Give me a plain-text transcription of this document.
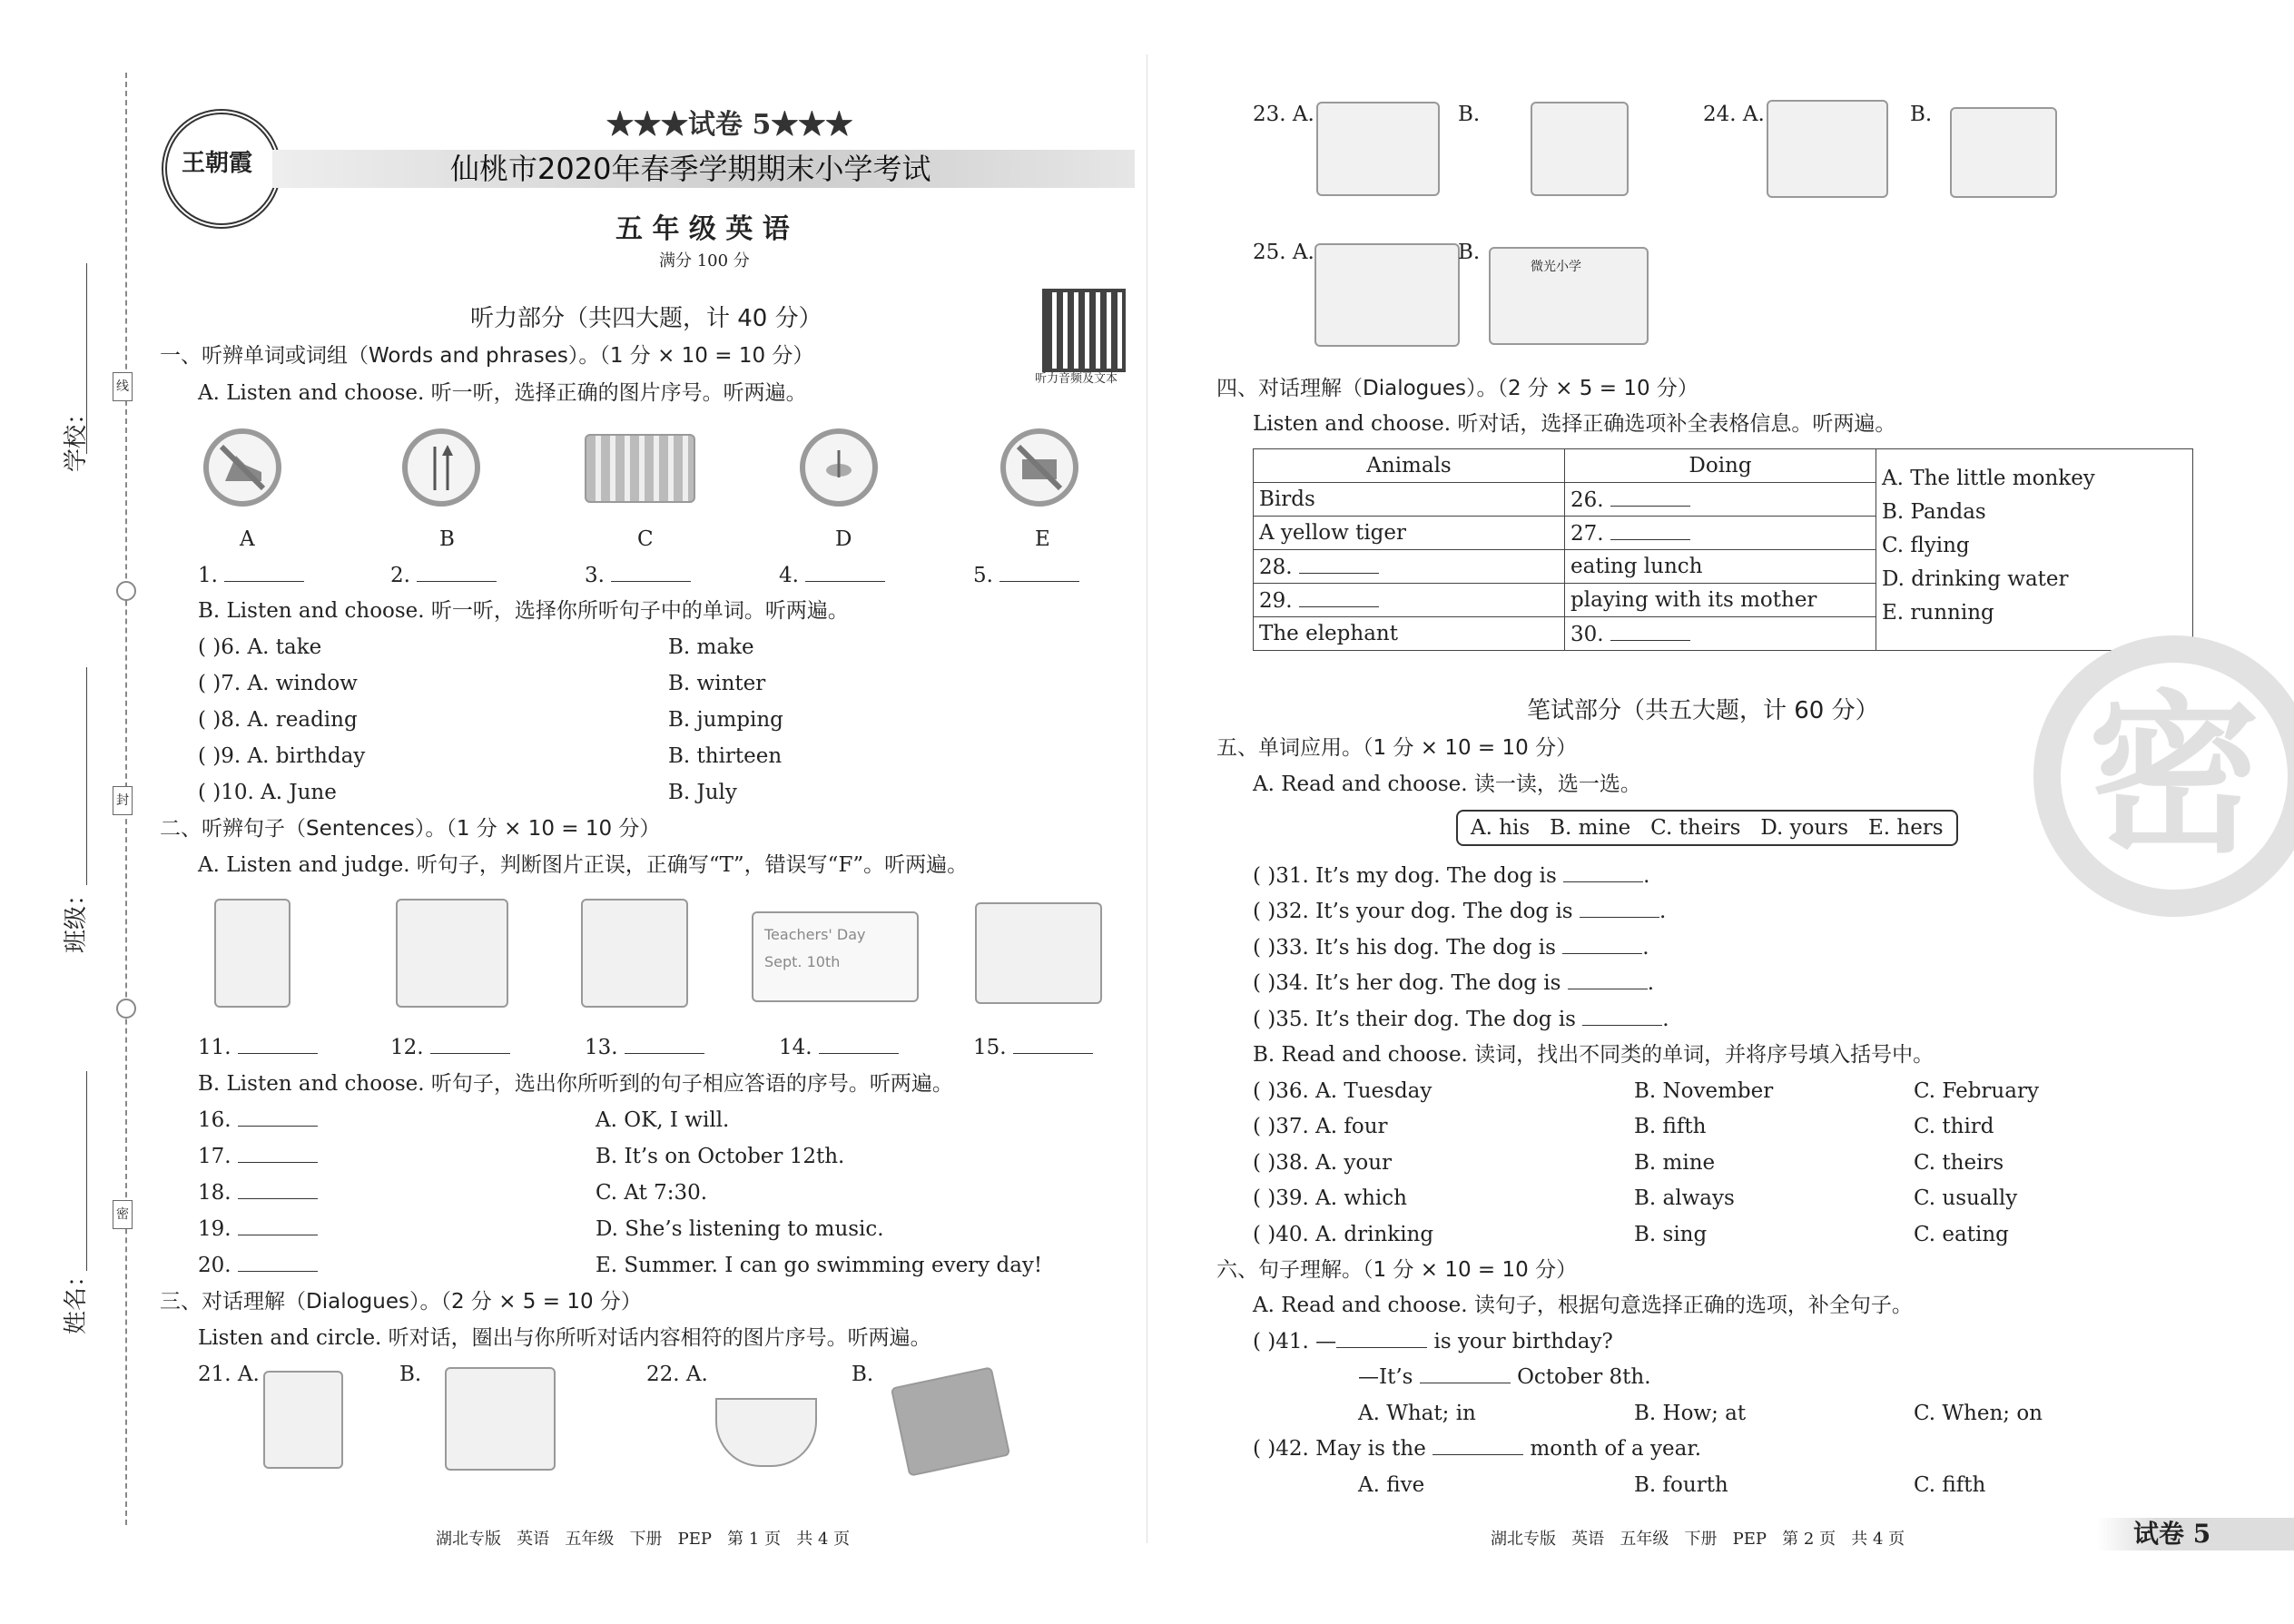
学校：
班级：
姓名：
线
封
密
王朝霞
★★★试卷 5★★★
仙桃市2020年春季学期期末小学考试
五 年 级 英 语
满分 100 分
听力部分（共四大题，计 40 分）
听力音频及文本
一、听辨单词或词组（Words and phrases）。（1 分 × 10 = 10 分）
A. Listen and choose. 听一听，选择正确的图片序号。听两遍。
A	B	C	D	E
1.	2.	3.	4.	5.
B. Listen and choose. 听一听，选择你所听句子中的单词。听两遍。
( )6. A. take	B. make
( )7. A. window	B. winter
( )8. A. reading	B. jumping
( )9. A. birthday	B. thirteen
( )10. A. June	B. July
二、听辨句子（Sentences）。（1 分 × 10 = 10 分）
A. Listen and judge. 听句子，判断图片正误，正确写“T”，错误写“F”。听两遍。
Teachers' Day
Sept. 10th
11.	12.	13.	14.	15.
B. Listen and choose. 听句子，选出你所听到的句子相应答语的序号。听两遍。
16.
17.
18.
19.
20.
A. OK, I will.
B. It’s on October 12th.
C. At 7:30.
D. She’s listening to music.
E. Summer. I can go swimming every day!
三、对话理解（Dialogues）。（2 分 × 5 = 10 分）
Listen and circle. 听对话，圈出与你所听对话内容相符的图片序号。听两遍。
21. A.	B.	22. A.	B.
23. A.	B.	24. A.	B.
25. A.	B.
微光小学
四、对话理解（Dialogues）。（2 分 × 5 = 10 分）
Listen and choose. 听对话，选择正确选项补全表格信息。听两遍。
Animals	Doing	A. The little monkey
B. Pandas
C. flying
D. drinking water
E. running

Birds	26.	
A yellow tiger	27.	
28.	eating lunch	
29.	playing with its mother	
The elephant	30.	
密
笔试部分（共五大题，计 60 分）
五、单词应用。（1 分 × 10 = 10 分）
A. Read and choose. 读一读，选一选。
A. his   B. mine   C. theirs   D. yours   E. hers
( )31. It’s my dog. The dog is	.
( )32. It’s your dog. The dog is	.
( )33. It’s his dog. The dog is	.
( )34. It’s her dog. The dog is	.
( )35. It’s their dog. The dog is	.
B. Read and choose. 读词，找出不同类的单词，并将序号填入括号中。
( )36. A. Tuesday	B. November	C. February
( )37. A. four	B. fifth	C. third
( )38. A. your	B. mine	C. theirs
( )39. A. which	B. always	C. usually
( )40. A. drinking	B. sing	C. eating
六、句子理解。（1 分 × 10 = 10 分）
A. Read and choose. 读句子，根据句意选择正确的选项，补全句子。
( )41. —	is your birthday?
—It’s	October 8th.
A. What; in	B. How; at	C. When; on
( )42. May is the	month of a year.
A. five	B. fourth	C. fifth
湖北专版   英语   五年级   下册   PEP   第 1 页   共 4 页	湖北专版   英语   五年级   下册   PEP   第 2 页   共 4 页	试卷 5
